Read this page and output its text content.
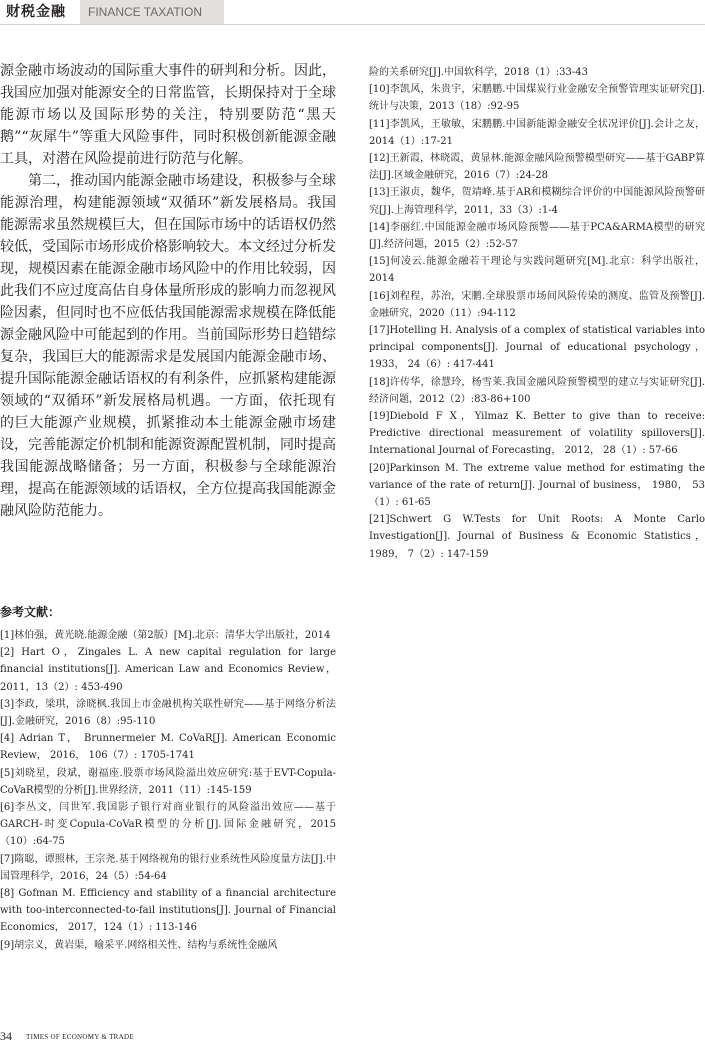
财税金融	FINANCE TAXATION

源金融市场波动的国际重大事件的研判和分析。因此，我国应加强对能源安全的日常监管，长期保持对于全球能源市场以及国际形势的关注，特别要防范“黑天鹅”“灰犀牛”等重大风险事件，同时积极创新能源金融工具，对潜在风险提前进行防范与化解。

第二，推动国内能源金融市场建设，积极参与全球能源治理，构建能源领域“双循环”新发展格局。我国能源需求虽然规模巨大，但在国际市场中的话语权仍然较低，受国际市场形成价格影响较大。本文经过分析发现，规模因素在能源金融市场风险中的作用比较弱，因此我们不应过度高估自身体量所形成的影响力而忽视风险因素，但同时也不应低估我国能源需求规模在降低能源金融风险中可能起到的作用。当前国际形势日趋错综复杂，我国巨大的能源需求是发展国内能源金融市场、提升国际能源金融话语权的有利条件，应抓紧构建能源领域的“双循环”新发展格局机遇。一方面，依托现有的巨大能源产业规模，抓紧推动本土能源金融市场建设，完善能源定价机制和能源资源配置机制，同时提高我国能源战略储备；另一方面，积极参与全球能源治理，提高在能源领域的话语权，全方位提高我国能源金融风险防范能力。

参考文献：

[1]林伯强，黄光晓.能源金融（第2版）[M].北京：清华大学出版社，2014

[2] Hart O，Zingales L. A new capital regulation for large financial institutions[J]. American Law and Economics Review， 2011，13（2）: 453-490

[3]李政，梁琪，涂晓枫.我国上市金融机构关联性研究——基于网络分析法[J].金融研究，2016（8）:95-110

[4] Adrian T， Brunnermeier M. CoVaR[J]. American Economic Review， 2016， 106（7）: 1705-1741

[5]刘晓星，段斌，谢福座.股票市场风险溢出效应研究:基于EVT-Copula-CoVaR模型的分析[J].世界经济，2011（11）:145-159

[6]李丛文，闫世军.我国影子银行对商业银行的风险溢出效应——基于GARCH-时变Copula-CoVaR模型的分析[J].国际金融研究，2015（10）:64-75

[7]隋聪，谭照林，王宗尧.基于网络视角的银行业系统性风险度量方法[J].中国管理科学，2016，24（5）:54-64

[8] Gofman M. Efficiency and stability of a financial architecture with too-interconnected-to-fail institutions[J]. Journal of Financial Economics， 2017，124（1）: 113-146

[9]胡宗义，黄岩渠，喻采平.网络相关性、结构与系统性金融风

险的关系研究[J].中国软科学，2018（1）:33-43

[10]李凯风，朱贵宇，宋鹏鹏.中国煤炭行业金融安全预警管理实证研究[J].统计与决策，2013（18）:92-95

[11]李凯风，王敏敏，宋鹏鹏.中国新能源金融安全状况评价[J].会计之友，2014（1）:17-21

[12]王新霞，林晓霞，黄显林.能源金融风险预警模型研究——基于GABP算法[J].区域金融研究，2016（7）:24-28

[13]王淑贞，魏华，贺靖峰.基于AR和模糊综合评价的中国能源风险预警研究[J].上海管理科学，2011，33（3）:1-4

[14]李丽红.中国能源金融市场风险预警——基于PCA&ARMA模型的研究[J].经济问题，2015（2）:52-57

[15]何凌云.能源金融若干理论与实践问题研究[M].北京：科学出版社，2014

[16]刘程程，苏治，宋鹏.全球股票市场间风险传染的测度、监管及预警[J].金融研究，2020（11）:94-112

[17]Hotelling H. Analysis of a complex of statistical variables into principal components[J]. Journal of educational psychology， 1933， 24（6）: 417-441

[18]许传华，徐慧玲，杨雪莱.我国金融风险预警模型的建立与实证研究[J].经济问题，2012（2）:83-86+100

[19]Diebold F X，Yilmaz K. Better to give than to receive: Predictive directional measurement of volatility spillovers[J]. International Journal of Forecasting， 2012， 28（1）: 57-66

[20]Parkinson M. The extreme value method for estimating the variance of the rate of return[J]. Journal of business， 1980， 53（1）: 61-65

[21]Schwert G W.Tests for Unit Roots: A Monte Carlo Investigation[J]. Journal of Business & Economic Statistics， 1989， 7（2）: 147-159

34 TIMES OF ECONOMY & TRADE
